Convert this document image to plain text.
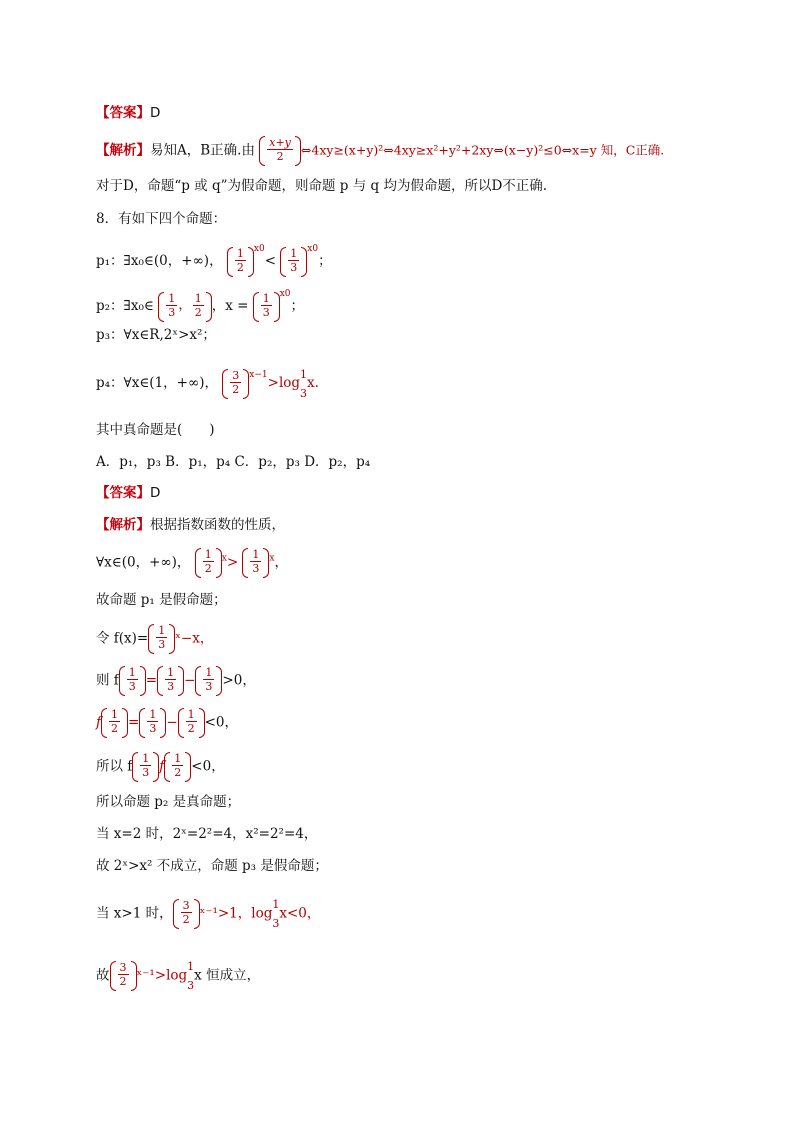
【答案】D
【解析】易知A，B正确.由 $\frac{x+y}{2}$ ⇔4xy≥(x+y)²⇔4xy≥x²+y²+2xy⇔(x−y)²≤0⇔x=y 知，C正确.
对于D，命题“p 或 q”为假命题，则命题 p 与 q 均为假命题，所以D不正确.
8．有如下四个命题：
p₁：∃x₀∈(0，+∞)， $\frac{1}{2} ^{x0}< \frac{1}{3} ^{x0}$；
p₂：∃x₀∈ $\frac{1}{3}$ ， $\frac{1}{2}$ ，$x = \frac{1}{3} ^{x0}$；
p₃：∀x∈R,2ˣ>x²；
p₄：∀x∈(1，+∞)， $\frac{3}{2} ^{x-1}>\log 1$
3
x.
其中真命题是(　　)
A．p₁，p₃ B．p₁，p₄ C．p₂，p₃ D．p₂，p₄
【答案】D
【解析】根据指数函数的性质，
∀x∈(0，+∞)， $\frac{1}{2} ^x> \frac{1}{3} ^x$，
故命题 p₁ 是假命题；
令 $f(x)= \frac{1}{3}$ ˣ−x，
则 f $\frac{1}{3} = \frac{1}{3} - \frac{1}{3} >0$，
f $\frac{1}{2} = \frac{1}{3} - \frac{1}{2} <0$，
所以 f $\frac{1}{3}$ f $\frac{1}{2} <0$，
所以命题 p₂ 是真命题；
当 x=2 时，2ˣ=2²=4，x²=2²=4，
故 2ˣ>x² 不成立，命题 p₃ 是假命题；
当 x>1 时， $\frac{3}{2}$ ˣ⁻¹>1，log1
3
x<0，
故 $\frac{3}{2}$ ˣ⁻¹>log1
3
x 恒成立，
